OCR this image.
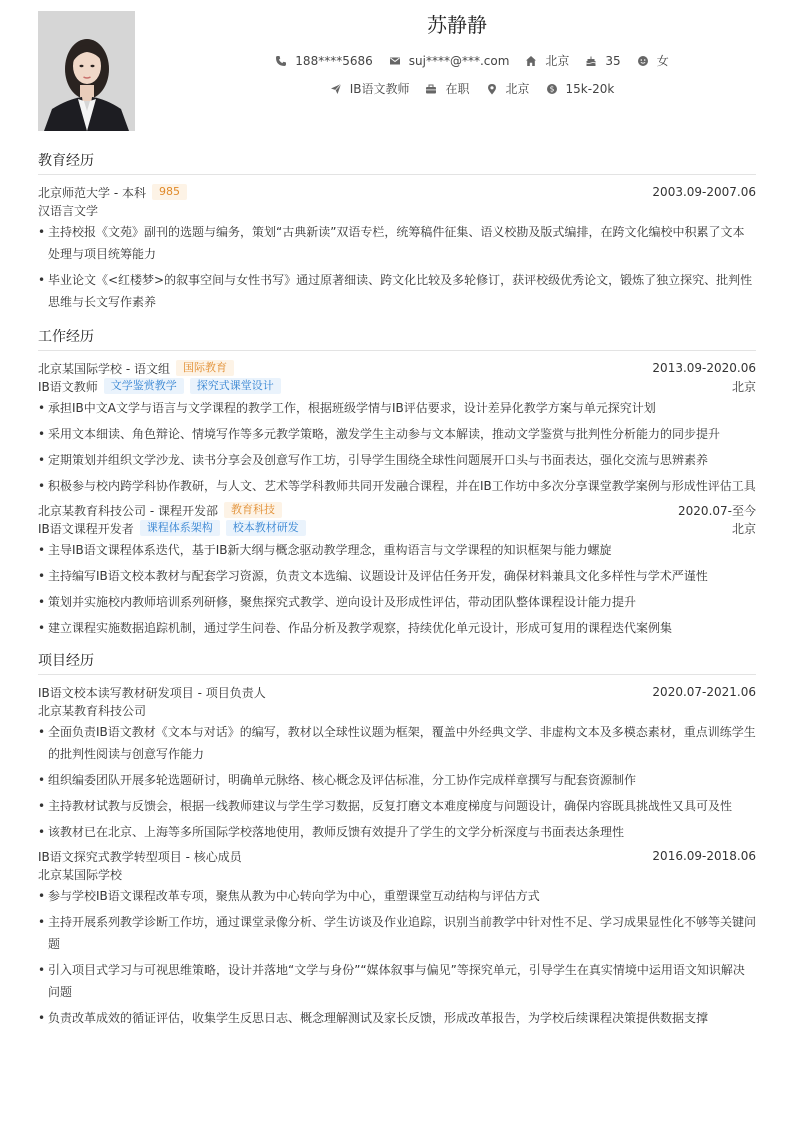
苏静静
188****5686	suj****@***.com	北京	35	女
IB语文教师	在职	北京	$ 15k-20k
教育经历
北京师范大学 - 本科	985	2003.09-2007.06
汉语言文学
• 主持校报《文苑》副刊的选题与编务，策划“古典新读”双语专栏，统筹稿件征集、语义校勘及版式编排，在跨文化编校中积累了文本处理与项目统筹能力
• 毕业论文《<红楼梦>的叙事空间与女性书写》通过原著细读、跨文化比较及多轮修订，获评校级优秀论文，锻炼了独立探究、批判性思维与长文写作素养
工作经历
北京某国际学校 - 语文组	国际教育	2013.09-2020.06
IB语文教师	文学鉴赏教学	探究式课堂设计	北京
• 承担IB中文A文学与语言与文学课程的教学工作，根据班级学情与IB评估要求，设计差异化教学方案与单元探究计划
• 采用文本细读、角色辩论、情境写作等多元教学策略，激发学生主动参与文本解读，推动文学鉴赏与批判性分析能力的同步提升
• 定期策划并组织文学沙龙、读书分享会及创意写作工坊，引导学生围绕全球性问题展开口头与书面表达，强化交流与思辨素养
• 积极参与校内跨学科协作教研，与人文、艺术等学科教师共同开发融合课程，并在IB工作坊中多次分享课堂教学案例与形成性评估工具
北京某教育科技公司 - 课程开发部	教育科技	2020.07-至今
IB语文课程开发者	课程体系架构	校本教材研发	北京
• 主导IB语文课程体系迭代，基于IB新大纲与概念驱动教学理念，重构语言与文学课程的知识框架与能力螺旋
• 主持编写IB语文校本教材与配套学习资源，负责文本选编、议题设计及评估任务开发，确保材料兼具文化多样性与学术严谨性
• 策划并实施校内教师培训系列研修，聚焦探究式教学、逆向设计及形成性评估，带动团队整体课程设计能力提升
• 建立课程实施数据追踪机制，通过学生问卷、作品分析及教学观察，持续优化单元设计，形成可复用的课程迭代案例集
项目经历
IB语文校本读写教材研发项目 - 项目负责人	2020.07-2021.06
北京某教育科技公司
• 全面负责IB语文教材《文本与对话》的编写，教材以全球性议题为框架，覆盖中外经典文学、非虚构文本及多模态素材，重点训练学生的批判性阅读与创意写作能力
• 组织编委团队开展多轮选题研讨，明确单元脉络、核心概念及评估标准，分工协作完成样章撰写与配套资源制作
• 主持教材试教与反馈会，根据一线教师建议与学生学习数据，反复打磨文本难度梯度与问题设计，确保内容既具挑战性又具可及性
• 该教材已在北京、上海等多所国际学校落地使用，教师反馈有效提升了学生的文学分析深度与书面表达条理性
IB语文探究式教学转型项目 - 核心成员	2016.09-2018.06
北京某国际学校
• 参与学校IB语文课程改革专项，聚焦从教为中心转向学为中心，重塑课堂互动结构与评估方式
• 主持开展系列教学诊断工作坊，通过课堂录像分析、学生访谈及作业追踪，识别当前教学中针对性不足、学习成果显性化不够等关键问题
• 引入项目式学习与可视思维策略，设计并落地“文学与身份”“媒体叙事与偏见”等探究单元，引导学生在真实情境中运用语文知识解决问题
• 负责改革成效的循证评估，收集学生反思日志、概念理解测试及家长反馈，形成改革报告，为学校后续课程决策提供数据支撑
